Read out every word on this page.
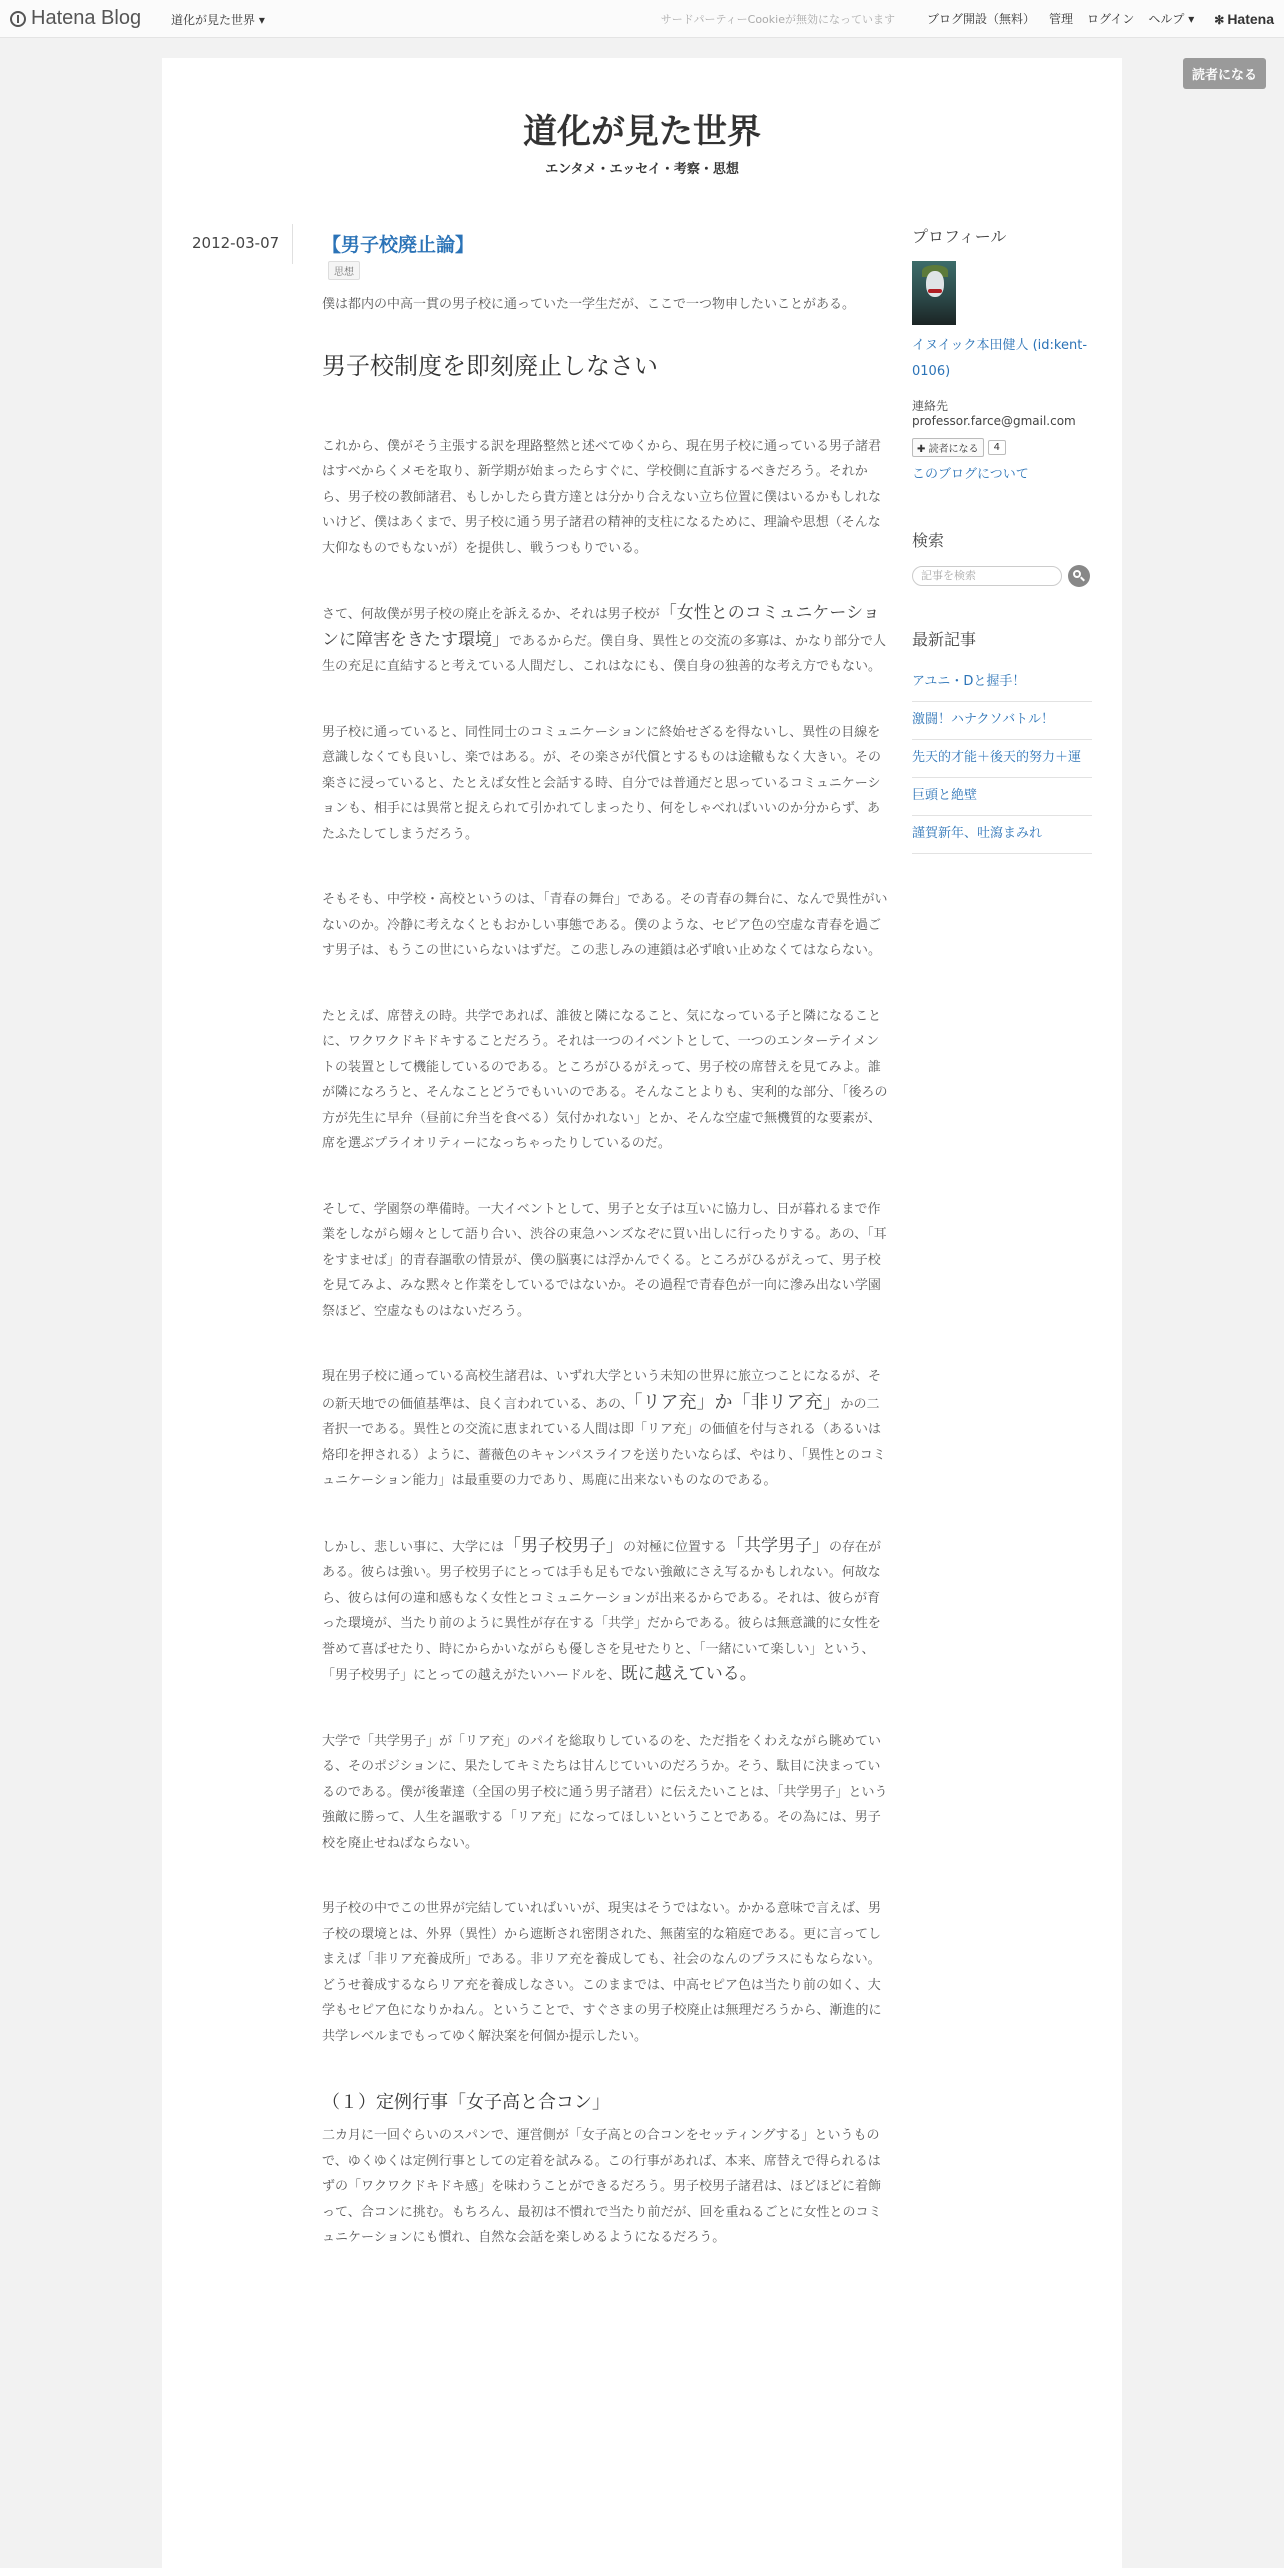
Hatena Blog 道化が見た世界 ▾	サードパーティーCookieが無効になっています	ブログ開設（無料） 管理 ログイン ヘルプ ▾ ✻ Hatena
読者になる
道化が見た世界
エンタメ・エッセイ・考察・思想
2012-03-07	【男子校廃止論】
思想

僕は都内の中高一貫の男子校に通っていた一学生だが、ここで一つ物申したいことがある。

男子校制度を即刻廃止しなさい

これから、僕がそう主張する訳を理路整然と述べてゆくから、現在男子校に通っている男子諸君はすべからくメモを取り、新学期が始まったらすぐに、学校側に直訴するべきだろう。それから、男子校の教師諸君、もしかしたら貴方達とは分かり合えない立ち位置に僕はいるかもしれないけど、僕はあくまで、男子校に通う男子諸君の精神的支柱になるために、理論や思想（そんな大仰なものでもないが）を提供し、戦うつもりでいる。

さて、何故僕が男子校の廃止を訴えるか、それは男子校が「女性とのコミュニケーションに障害をきたす環境」であるからだ。僕自身、異性との交流の多寡は、かなり部分で人生の充足に直結すると考えている人間だし、これはなにも、僕自身の独善的な考え方でもない。

男子校に通っていると、同性同士のコミュニケーションに終始せざるを得ないし、異性の目線を意識しなくても良いし、楽ではある。が、その楽さが代償とするものは途轍もなく大きい。その楽さに浸っていると、たとえば女性と会話する時、自分では普通だと思っているコミュニケーションも、相手には異常と捉えられて引かれてしまったり、何をしゃべればいいのか分からず、あたふたしてしまうだろう。

そもそも、中学校・高校というのは、「青春の舞台」である。その青春の舞台に、なんで異性がいないのか。冷静に考えなくともおかしい事態である。僕のような、セピア色の空虚な青春を過ごす男子は、もうこの世にいらないはずだ。この悲しみの連鎖は必ず喰い止めなくてはならない。

たとえば、席替えの時。共学であれば、誰彼と隣になること、気になっている子と隣になることに、ワクワクドキドキすることだろう。それは一つのイベントとして、一つのエンターテイメントの装置として機能しているのである。ところがひるがえって、男子校の席替えを見てみよ。誰が隣になろうと、そんなことどうでもいいのである。そんなことよりも、実利的な部分、「後ろの方が先生に早弁（昼前に弁当を食べる）気付かれない」とか、そんな空虚で無機質的な要素が、席を選ぶプライオリティーになっちゃったりしているのだ。

そして、学園祭の準備時。一大イベントとして、男子と女子は互いに協力し、日が暮れるまで作業をしながら嫋々として語り合い、渋谷の東急ハンズなぞに買い出しに行ったりする。あの、「耳をすませば」的青春謳歌の情景が、僕の脳裏には浮かんでくる。ところがひるがえって、男子校を見てみよ、みな黙々と作業をしているではないか。その過程で青春色が一向に滲み出ない学園祭ほど、空虚なものはないだろう。

現在男子校に通っている高校生諸君は、いずれ大学という未知の世界に旅立つことになるが、その新天地での価値基準は、良く言われている、あの、「リア充」か「非リア充」かの二者択一である。異性との交流に恵まれている人間は即「リア充」の価値を付与される（あるいは烙印を押される）ように、薔薇色のキャンパスライフを送りたいならば、やはり、「異性とのコミュニケーション能力」は最重要の力であり、馬鹿に出来ないものなのである。

しかし、悲しい事に、大学には「男子校男子」の対極に位置する「共学男子」の存在がある。彼らは強い。男子校男子にとっては手も足もでない強敵にさえ写るかもしれない。何故なら、彼らは何の違和感もなく女性とコミュニケーションが出来るからである。それは、彼らが育った環境が、当たり前のように異性が存在する「共学」だからである。彼らは無意識的に女性を誉めて喜ばせたり、時にからかいながらも優しさを見せたりと、「一緒にいて楽しい」という、「男子校男子」にとっての越えがたいハードルを、既に越えている。

大学で「共学男子」が「リア充」のパイを総取りしているのを、ただ指をくわえながら眺めている、そのポジションに、果たしてキミたちは甘んじていいのだろうか。そう、駄目に決まっているのである。僕が後輩達（全国の男子校に通う男子諸君）に伝えたいことは、「共学男子」という強敵に勝って、人生を謳歌する「リア充」になってほしいということである。その為には、男子校を廃止せねばならない。

男子校の中でこの世界が完結していればいいが、現実はそうではない。かかる意味で言えば、男子校の環境とは、外界（異性）から遮断され密閉された、無菌室的な箱庭である。更に言ってしまえば「非リア充養成所」である。非リア充を養成しても、社会のなんのプラスにもならない。どうせ養成するならリア充を養成しなさい。このままでは、中高セピア色は当たり前の如く、大学もセピア色になりかねん。ということで、すぐさまの男子校廃止は無理だろうから、漸進的に共学レベルまでもってゆく解決案を何個か提示したい。

（１）定例行事「女子高と合コン」

二カ月に一回ぐらいのスパンで、運営側が「女子高との合コンをセッティングする」というもので、ゆくゆくは定例行事としての定着を試みる。この行事があれば、本来、席替えで得られるはずの「ワクワクドキドキ感」を味わうことができるだろう。男子校男子諸君は、ほどほどに着飾って、合コンに挑む。もちろん、最初は不慣れで当たり前だが、回を重ねるごとに女性とのコミュニケーションにも慣れ、自然な会話を楽しめるようになるだろう。

プロフィール
イヌイック本田健人 (id:kent-0106)
連絡先
professor.farce@gmail.com
✚ 読者になる	4
このブログについて
検索
記事を検索
最新記事
アユニ・Dと握手！
激闘！ハナクソバトル！
先天的才能＋後天的努力＋運
巨頭と絶壁
謹賀新年、吐瀉まみれ
